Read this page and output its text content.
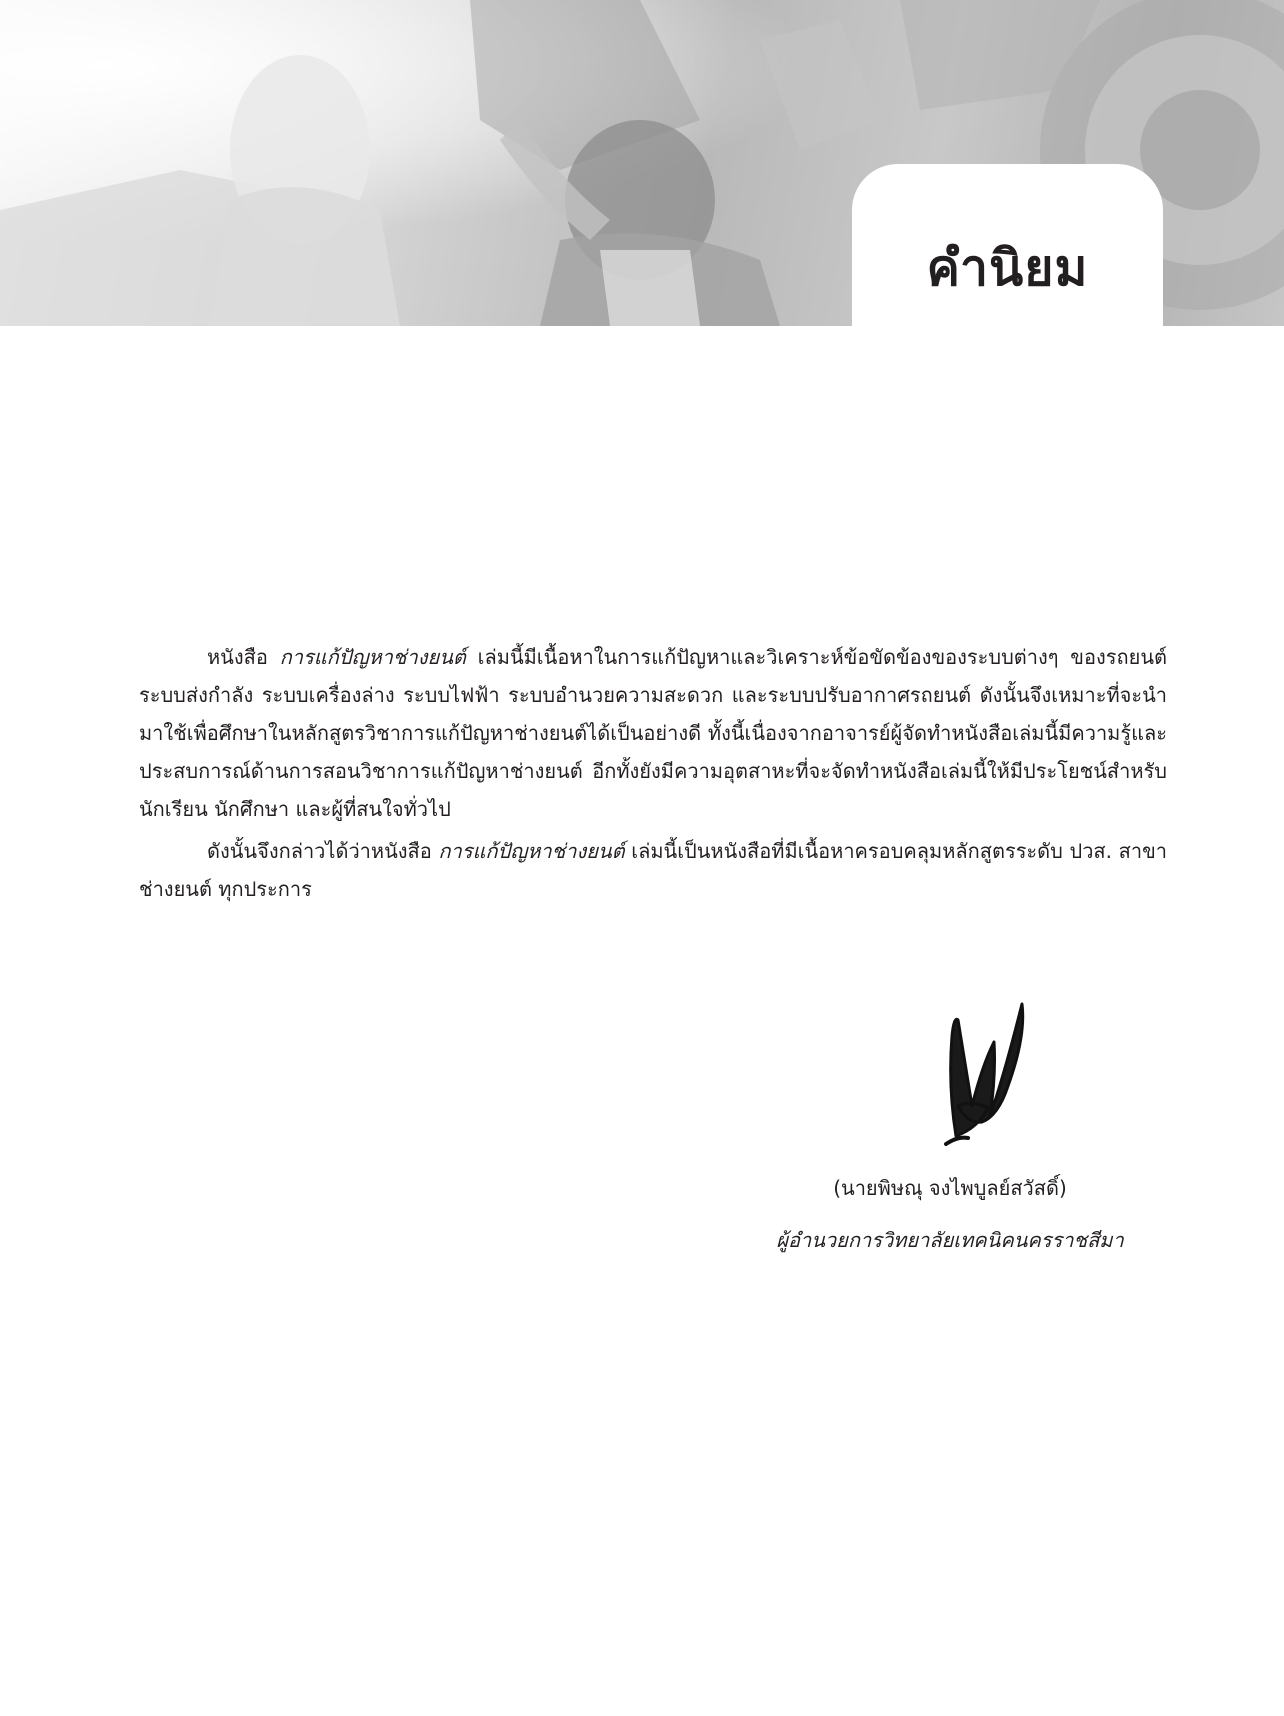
คำนิยม

หนังสือ การแก้ปัญหาช่างยนต์ เล่มนี้มีเนื้อหาในการแก้ปัญหาและวิเคราะห์ข้อขัดข้องของระบบต่างๆ ของรถยนต์ ระบบส่งกำลัง ระบบเครื่องล่าง ระบบไฟฟ้า ระบบอำนวยความสะดวก และระบบปรับอากาศรถยนต์ ดังนั้นจึงเหมาะที่จะนำมาใช้เพื่อศึกษาในหลักสูตรวิชาการแก้ปัญหาช่างยนต์ได้เป็นอย่างดี ทั้งนี้เนื่องจากอาจารย์ผู้จัดทำหนังสือเล่มนี้มีความรู้และประสบการณ์ด้านการสอนวิชาการแก้ปัญหาช่างยนต์ อีกทั้งยังมีความอุตสาหะที่จะจัดทำหนังสือเล่มนี้ให้มีประโยชน์สำหรับนักเรียน นักศึกษา และผู้ที่สนใจทั่วไป

ดังนั้นจึงกล่าวได้ว่าหนังสือ การแก้ปัญหาช่างยนต์ เล่มนี้เป็นหนังสือที่มีเนื้อหาครอบคลุมหลักสูตรระดับ ปวส. สาขาช่างยนต์ ทุกประการ

(นายพิษณุ จงไพบูลย์สวัสดิ์)
ผู้อำนวยการวิทยาลัยเทคนิคนครราชสีมา
